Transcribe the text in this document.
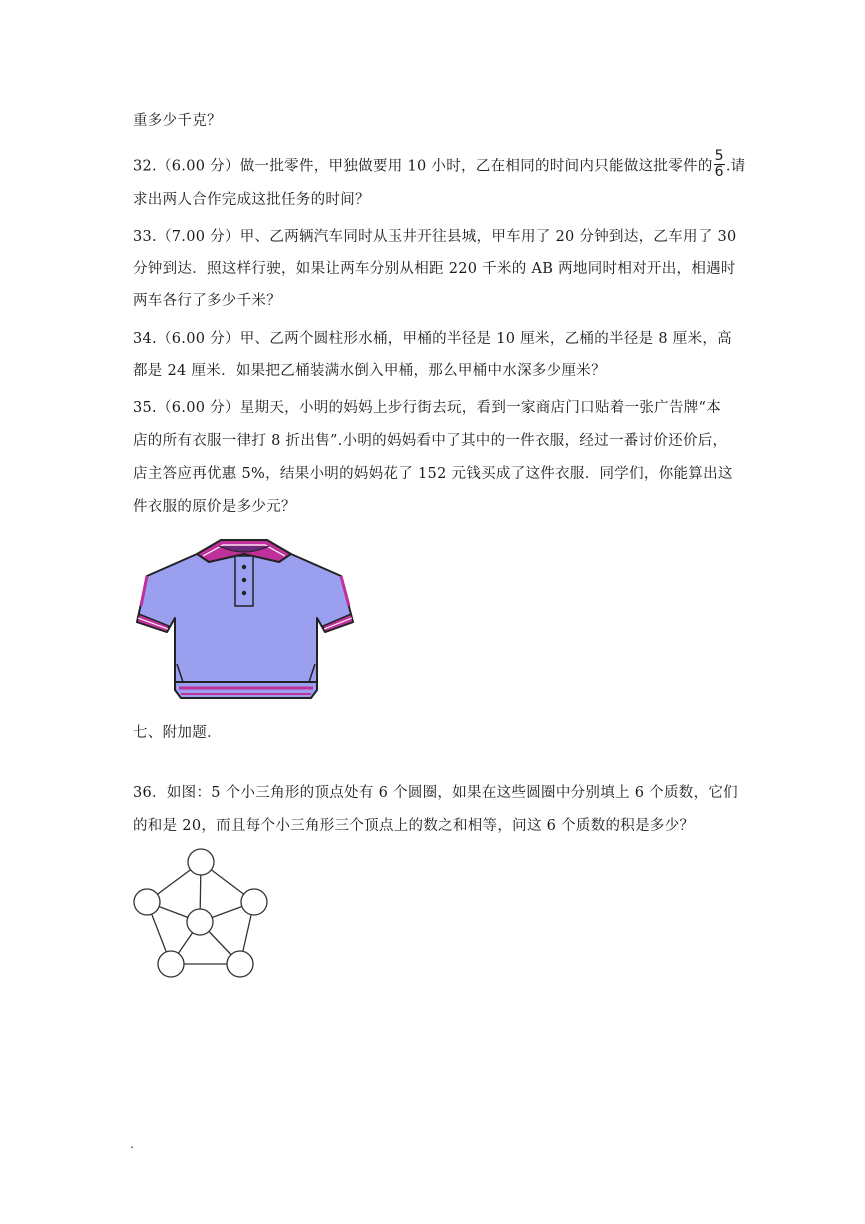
重多少千克？
32.（6.00 分）做一批零件，甲独做要用 10 小时，乙在相同的时间内只能做这批零件的 $\frac{5}{6}$ .请
求出两人合作完成这批任务的时间？
33.（7.00 分）甲、乙两辆汽车同时从玉井开往县城，甲车用了 20 分钟到达，乙车用了 30
分钟到达．照这样行驶，如果让两车分别从相距 220 千米的 AB 两地同时相对开出，相遇时
两车各行了多少千米？
34.（6.00 分）甲、乙两个圆柱形水桶，甲桶的半径是 10 厘米，乙桶的半径是 8 厘米，高
都是 24 厘米．如果把乙桶装满水倒入甲桶，那么甲桶中水深多少厘米？
35.（6.00 分）星期天，小明的妈妈上步行街去玩，看到一家商店门口贴着一张广告牌“本
店的所有衣服一律打 8 折出售”.小明的妈妈看中了其中的一件衣服，经过一番讨价还价后，
店主答应再优惠 5%，结果小明的妈妈花了 152 元钱买成了这件衣服．同学们，你能算出这
件衣服的原价是多少元？
七、附加题．
36．如图：5 个小三角形的顶点处有 6 个圆圈，如果在这些圆圈中分别填上 6 个质数，它们
的和是 20，而且每个小三角形三个顶点上的数之和相等，问这 6 个质数的积是多少？
.
